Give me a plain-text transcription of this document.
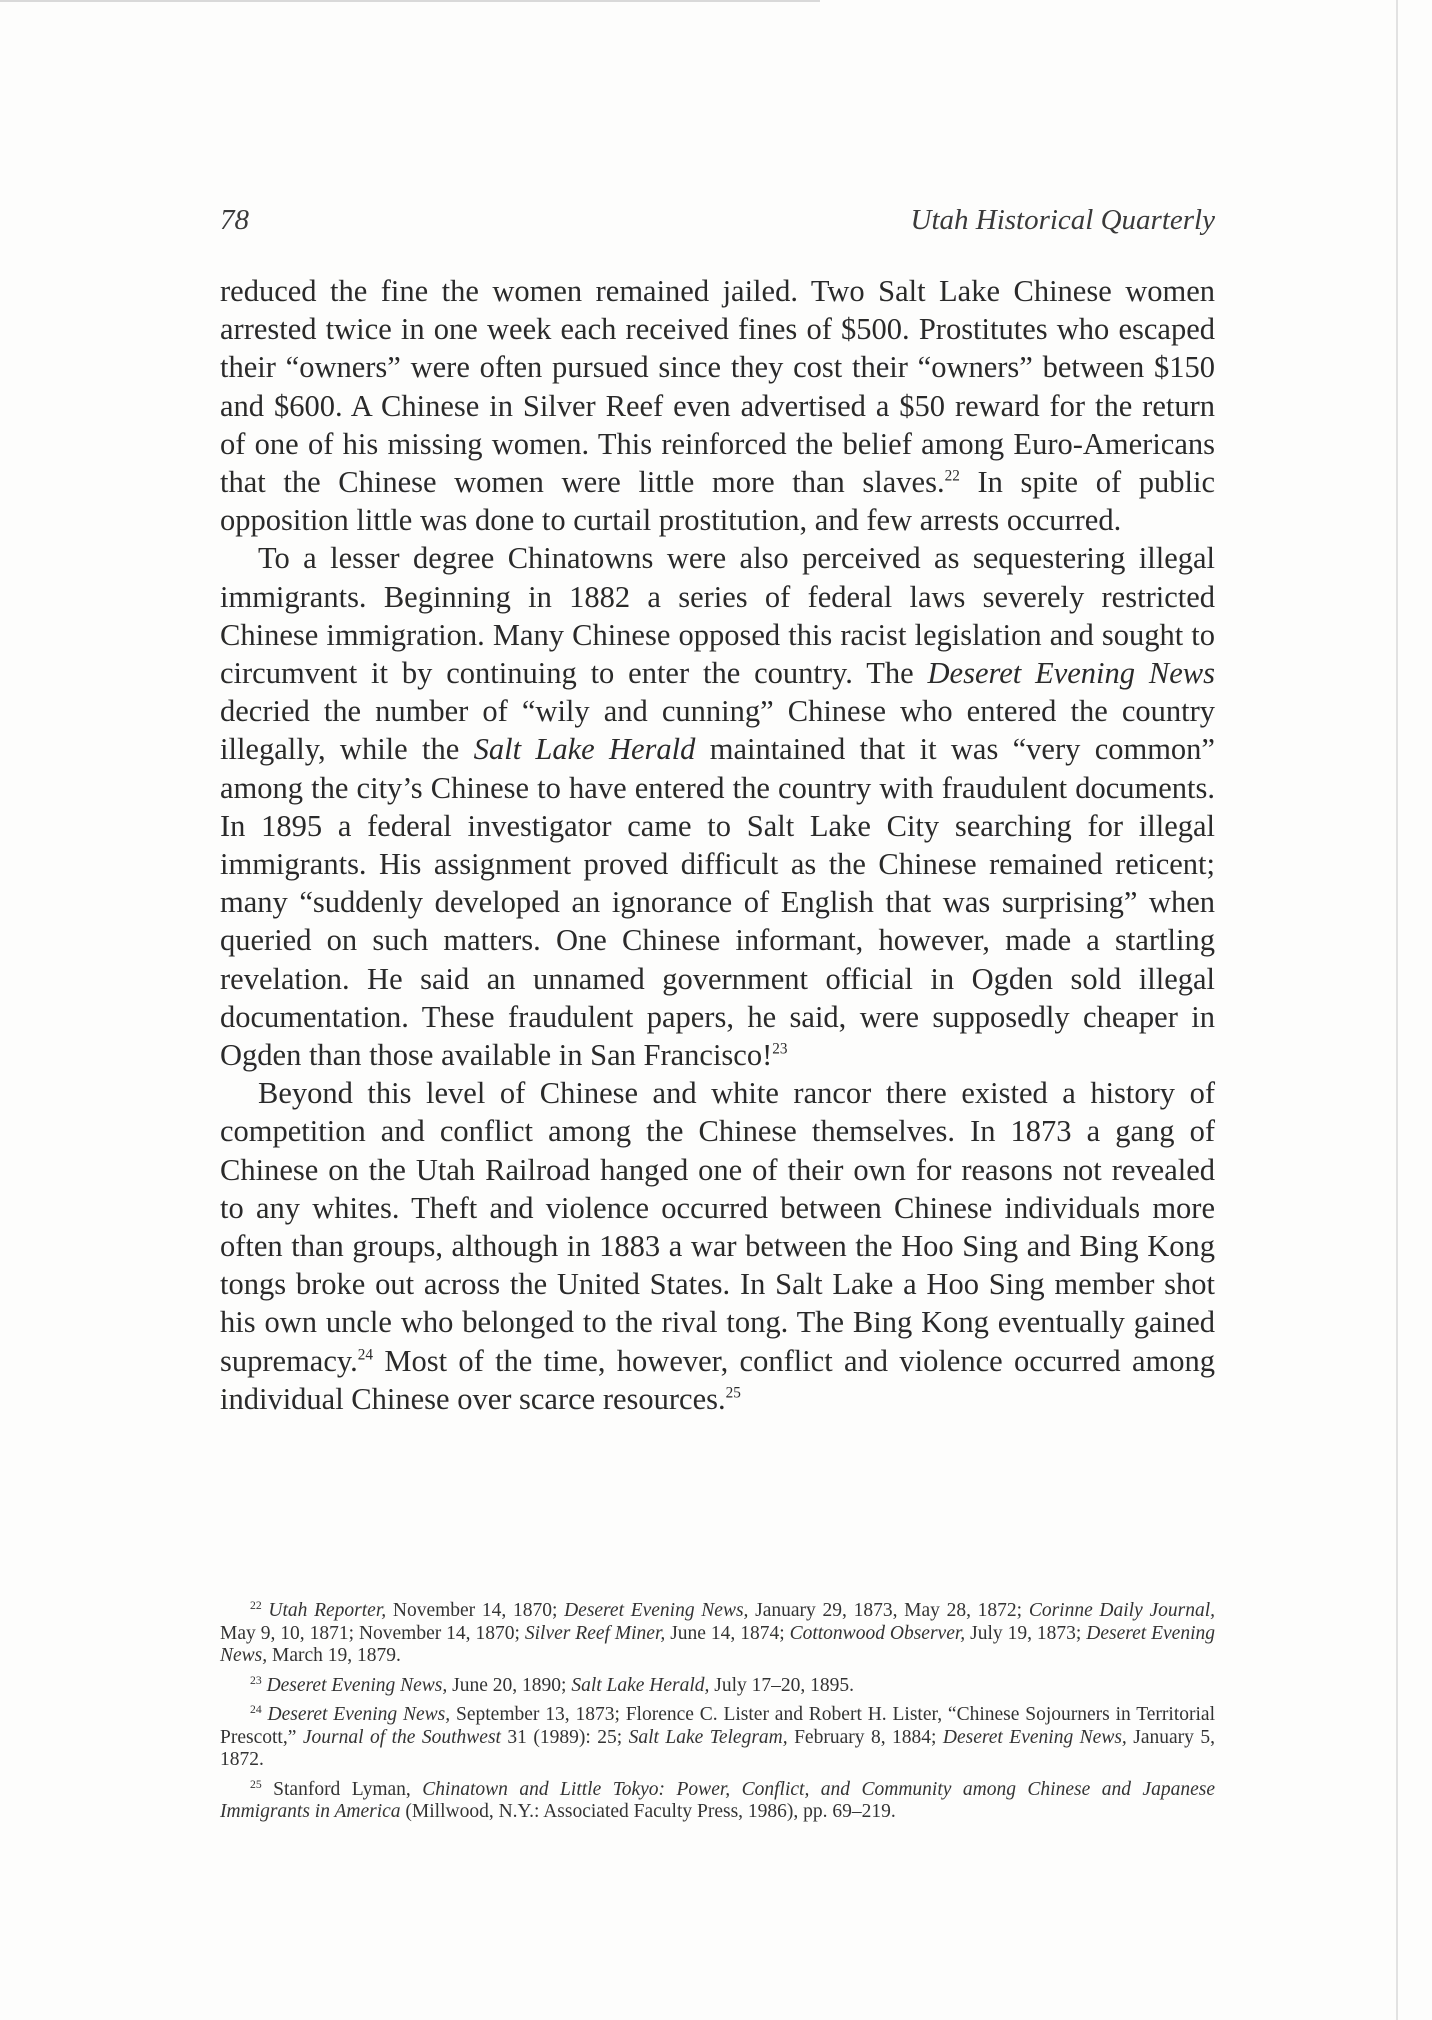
78	Utah Historical Quarterly

reduced the fine the women remained jailed. Two Salt Lake Chinese women arrested twice in one week each received fines of $500. Prostitutes who escaped their “owners” were often pursued since they cost their “owners” between $150 and $600. A Chinese in Silver Reef even advertised a $50 reward for the return of one of his missing women. This reinforced the belief among Euro-Americans that the Chinese women were little more than slaves.$^{22}$ In spite of public opposition little was done to curtail prostitution, and few arrests occurred.

To a lesser degree Chinatowns were also perceived as sequestering illegal immigrants. Beginning in 1882 a series of federal laws severely restricted Chinese immigration. Many Chinese opposed this racist legislation and sought to circumvent it by continuing to enter the country. The Deseret Evening News decried the number of “wily and cunning” Chinese who entered the country illegally, while the Salt Lake Herald maintained that it was “very common” among the city’s Chinese to have entered the country with fraudulent documents. In 1895 a federal investigator came to Salt Lake City searching for illegal immigrants. His assignment proved difficult as the Chinese remained reticent; many “suddenly developed an ignorance of English that was surprising” when queried on such matters. One Chinese informant, however, made a startling revelation. He said an unnamed government official in Ogden sold illegal documentation. These fraudulent papers, he said, were supposedly cheaper in Ogden than those available in San Francisco!$^{23}$

Beyond this level of Chinese and white rancor there existed a history of competition and conflict among the Chinese themselves. In 1873 a gang of Chinese on the Utah Railroad hanged one of their own for reasons not revealed to any whites. Theft and violence occurred between Chinese individuals more often than groups, although in 1883 a war between the Hoo Sing and Bing Kong tongs broke out across the United States. In Salt Lake a Hoo Sing member shot his own uncle who belonged to the rival tong. The Bing Kong eventually gained supremacy.$^{24}$ Most of the time, however, conflict and violence occurred among individual Chinese over scarce resources.$^{25}$

$^{22}$ Utah Reporter, November 14, 1870; Deseret Evening News, January 29, 1873, May 28, 1872; Corinne Daily Journal, May 9, 10, 1871; November 14, 1870; Silver Reef Miner, June 14, 1874; Cottonwood Observer, July 19, 1873; Deseret Evening News, March 19, 1879.

$^{23}$ Deseret Evening News, June 20, 1890; Salt Lake Herald, July 17–20, 1895.

$^{24}$ Deseret Evening News, September 13, 1873; Florence C. Lister and Robert H. Lister, “Chinese Sojourners in Territorial Prescott,” Journal of the Southwest 31 (1989): 25; Salt Lake Telegram, February 8, 1884; Deseret Evening News, January 5, 1872.

$^{25}$ Stanford Lyman, Chinatown and Little Tokyo: Power, Conflict, and Community among Chinese and Japanese Immigrants in America (Millwood, N.Y.: Associated Faculty Press, 1986), pp. 69–219.
